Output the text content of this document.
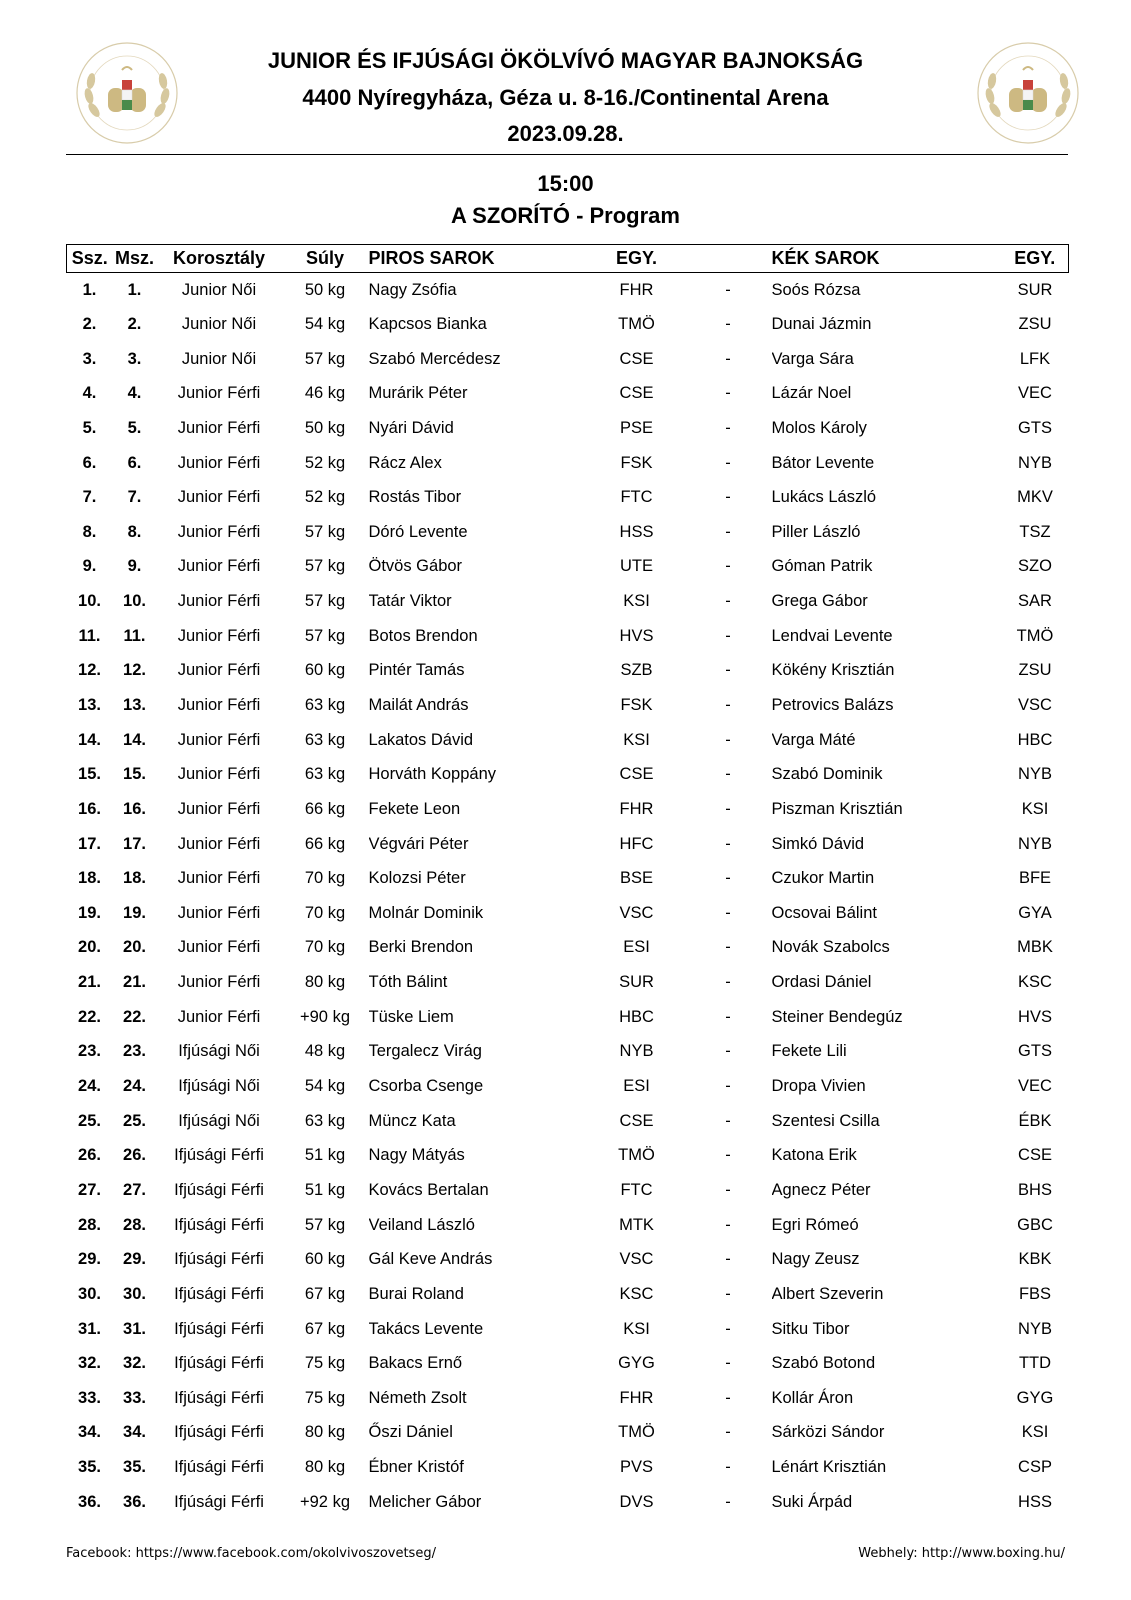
JUNIOR ÉS IFJÚSÁGI ÖKÖLVÍVÓ MAGYAR BAJNOKSÁG
4400 Nyíregyháza, Géza u. 8-16./Continental Arena
2023.09.28.
15:00
A SZORÍTÓ - Program
Ssz.	Msz.	Korosztály	Súly	PIROS SAROK	EGY.		KÉK SAROK	EGY.
1.	1.	Junior Női	50 kg	Nagy Zsófia	FHR	-	Soós Rózsa	SUR
2.	2.	Junior Női	54 kg	Kapcsos Bianka	TMÖ	-	Dunai Jázmin	ZSU
3.	3.	Junior Női	57 kg	Szabó Mercédesz	CSE	-	Varga Sára	LFK
4.	4.	Junior Férfi	46 kg	Murárik Péter	CSE	-	Lázár Noel	VEC
5.	5.	Junior Férfi	50 kg	Nyári Dávid	PSE	-	Molos Károly	GTS
6.	6.	Junior Férfi	52 kg	Rácz Alex	FSK	-	Bátor Levente	NYB
7.	7.	Junior Férfi	52 kg	Rostás Tibor	FTC	-	Lukács László	MKV
8.	8.	Junior Férfi	57 kg	Dóró Levente	HSS	-	Piller László	TSZ
9.	9.	Junior Férfi	57 kg	Ötvös Gábor	UTE	-	Góman Patrik	SZO
10.	10.	Junior Férfi	57 kg	Tatár Viktor	KSI	-	Grega Gábor	SAR
11.	11.	Junior Férfi	57 kg	Botos Brendon	HVS	-	Lendvai Levente	TMÖ
12.	12.	Junior Férfi	60 kg	Pintér Tamás	SZB	-	Kökény Krisztián	ZSU
13.	13.	Junior Férfi	63 kg	Mailát András	FSK	-	Petrovics Balázs	VSC
14.	14.	Junior Férfi	63 kg	Lakatos Dávid	KSI	-	Varga Máté	HBC
15.	15.	Junior Férfi	63 kg	Horváth Koppány	CSE	-	Szabó Dominik	NYB
16.	16.	Junior Férfi	66 kg	Fekete Leon	FHR	-	Piszman Krisztián	KSI
17.	17.	Junior Férfi	66 kg	Végvári Péter	HFC	-	Simkó Dávid	NYB
18.	18.	Junior Férfi	70 kg	Kolozsi Péter	BSE	-	Czukor Martin	BFE
19.	19.	Junior Férfi	70 kg	Molnár Dominik	VSC	-	Ocsovai Bálint	GYA
20.	20.	Junior Férfi	70 kg	Berki Brendon	ESI	-	Novák Szabolcs	MBK
21.	21.	Junior Férfi	80 kg	Tóth Bálint	SUR	-	Ordasi Dániel	KSC
22.	22.	Junior Férfi	+90 kg	Tüske Liem	HBC	-	Steiner Bendegúz	HVS
23.	23.	Ifjúsági Női	48 kg	Tergalecz Virág	NYB	-	Fekete Lili	GTS
24.	24.	Ifjúsági Női	54 kg	Csorba Csenge	ESI	-	Dropa Vivien	VEC
25.	25.	Ifjúsági Női	63 kg	Müncz Kata	CSE	-	Szentesi Csilla	ÉBK
26.	26.	Ifjúsági Férfi	51 kg	Nagy Mátyás	TMÖ	-	Katona Erik	CSE
27.	27.	Ifjúsági Férfi	51 kg	Kovács Bertalan	FTC	-	Agnecz Péter	BHS
28.	28.	Ifjúsági Férfi	57 kg	Veiland László	MTK	-	Egri Rómeó	GBC
29.	29.	Ifjúsági Férfi	60 kg	Gál Keve András	VSC	-	Nagy Zeusz	KBK
30.	30.	Ifjúsági Férfi	67 kg	Burai Roland	KSC	-	Albert Szeverin	FBS
31.	31.	Ifjúsági Férfi	67 kg	Takács Levente	KSI	-	Sitku Tibor	NYB
32.	32.	Ifjúsági Férfi	75 kg	Bakacs Ernő	GYG	-	Szabó Botond	TTD
33.	33.	Ifjúsági Férfi	75 kg	Németh Zsolt	FHR	-	Kollár Áron	GYG
34.	34.	Ifjúsági Férfi	80 kg	Őszi Dániel	TMÖ	-	Sárközi Sándor	KSI
35.	35.	Ifjúsági Férfi	80 kg	Ébner Kristóf	PVS	-	Lénárt Krisztián	CSP
36.	36.	Ifjúsági Férfi	+92 kg	Melicher Gábor	DVS	-	Suki Árpád	HSS
Facebook: https://www.facebook.com/okolvivoszovetseg/	Webhely: http://www.boxing.hu/
